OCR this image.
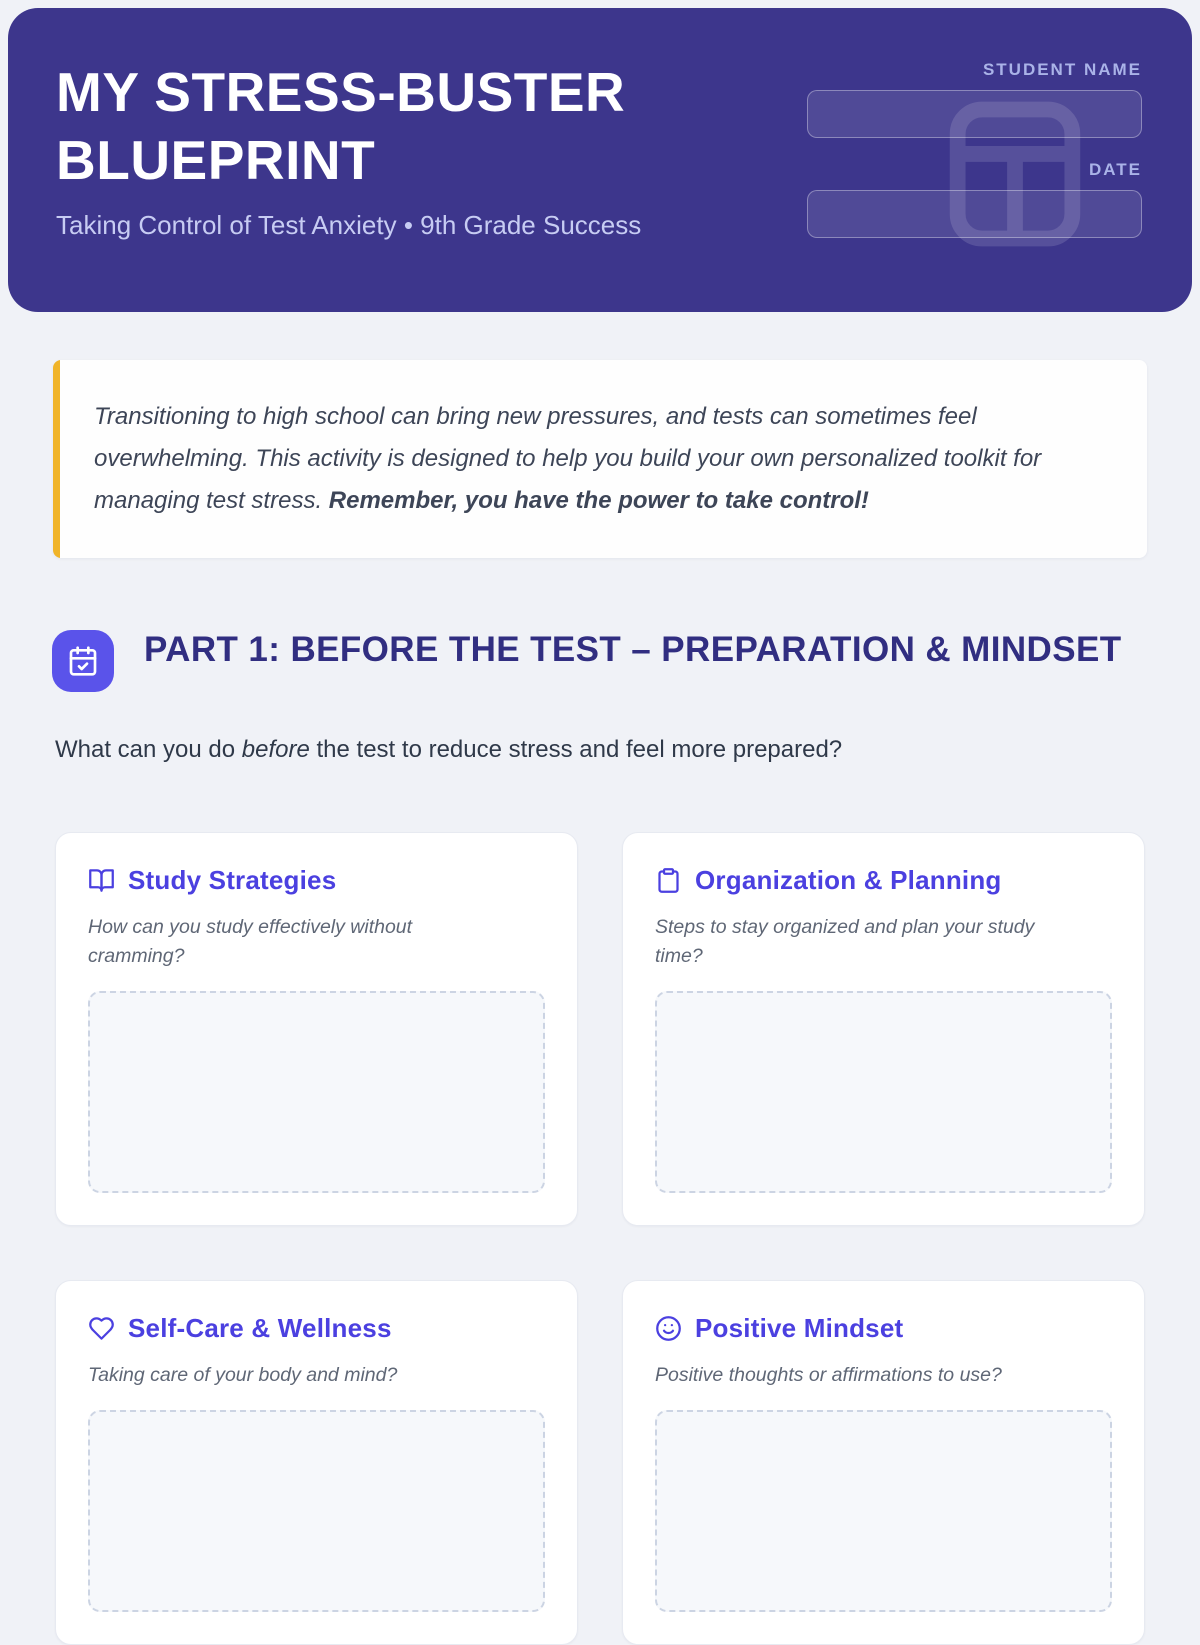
MY STRESS-BUSTER BLUEPRINT
Taking Control of Test Anxiety • 9th Grade Success
STUDENT NAME
DATE
Transitioning to high school can bring new pressures, and tests can sometimes feel overwhelming. This activity is designed to help you build your own personalized toolkit for managing test stress. Remember, you have the power to take control!
PART 1: BEFORE THE TEST – PREPARATION & MINDSET
What can you do before the test to reduce stress and feel more prepared?
Study Strategies
How can you study effectively without cramming?
Organization & Planning
Steps to stay organized and plan your study time?
Self-Care & Wellness
Taking care of your body and mind?
Positive Mindset
Positive thoughts or affirmations to use?
